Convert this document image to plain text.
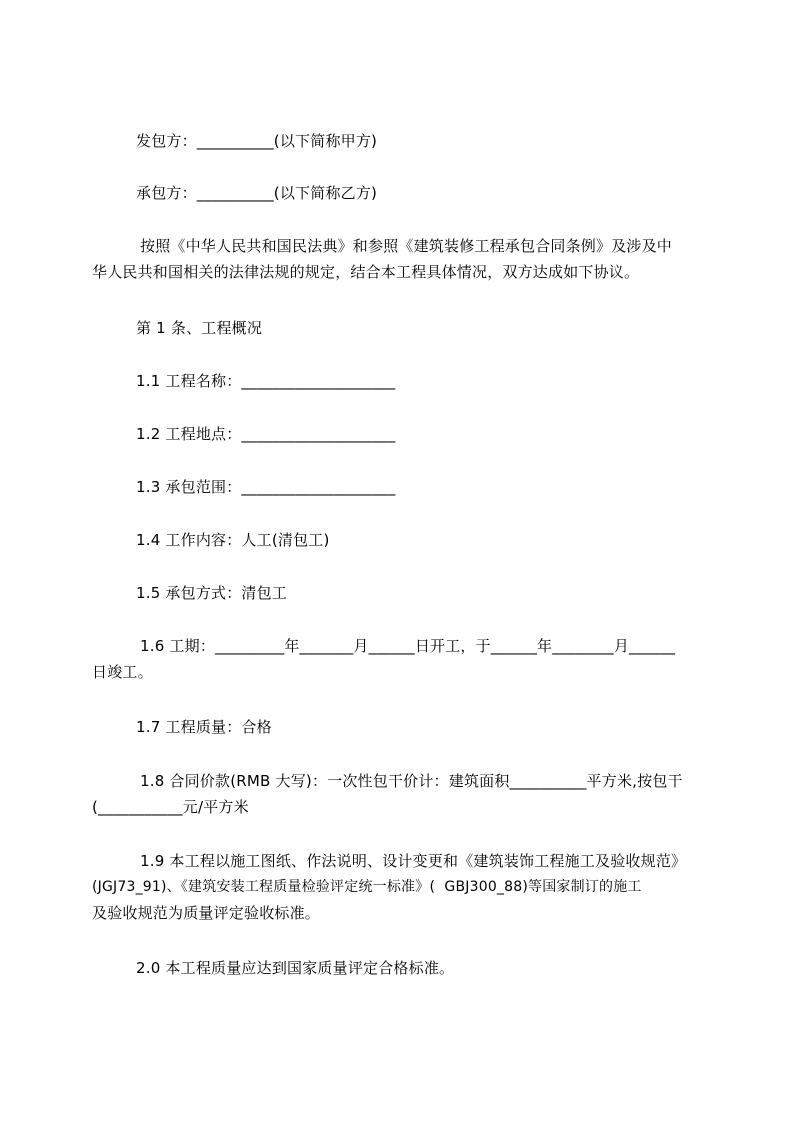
发包方：__________(以下简称甲方)

承包方：__________(以下简称乙方)

按照《中华人民共和国民法典》和参照《建筑装修工程承包合同条例》及涉及中
华人民共和国相关的法律法规的规定，结合本工程具体情况，双方达成如下协议。

第 1 条、工程概况

1.1 工程名称：____________________

1.2 工程地点：____________________

1.3 承包范围：____________________

1.4 工作内容：人工(清包工)

1.5 承包方式：清包工

1.6 工期：_________年_______月______日开工，于______年________月______
日竣工。

1.7 工程质量：合格

1.8 合同价款(RMB 大写)：一次性包干价计：建筑面积__________平方米,按包干
(___________元/平方米
1.9 本工程以施工图纸、作法说明、设计变更和《建筑装饰工程施工及验收规范》
(JGJ73_91)、《建筑安装工程质量检验评定统一标准》(  GBJ300_88)等国家制订的施工
及验收规范为质量评定验收标准。

2.0 本工程质量应达到国家质量评定合格标准。
